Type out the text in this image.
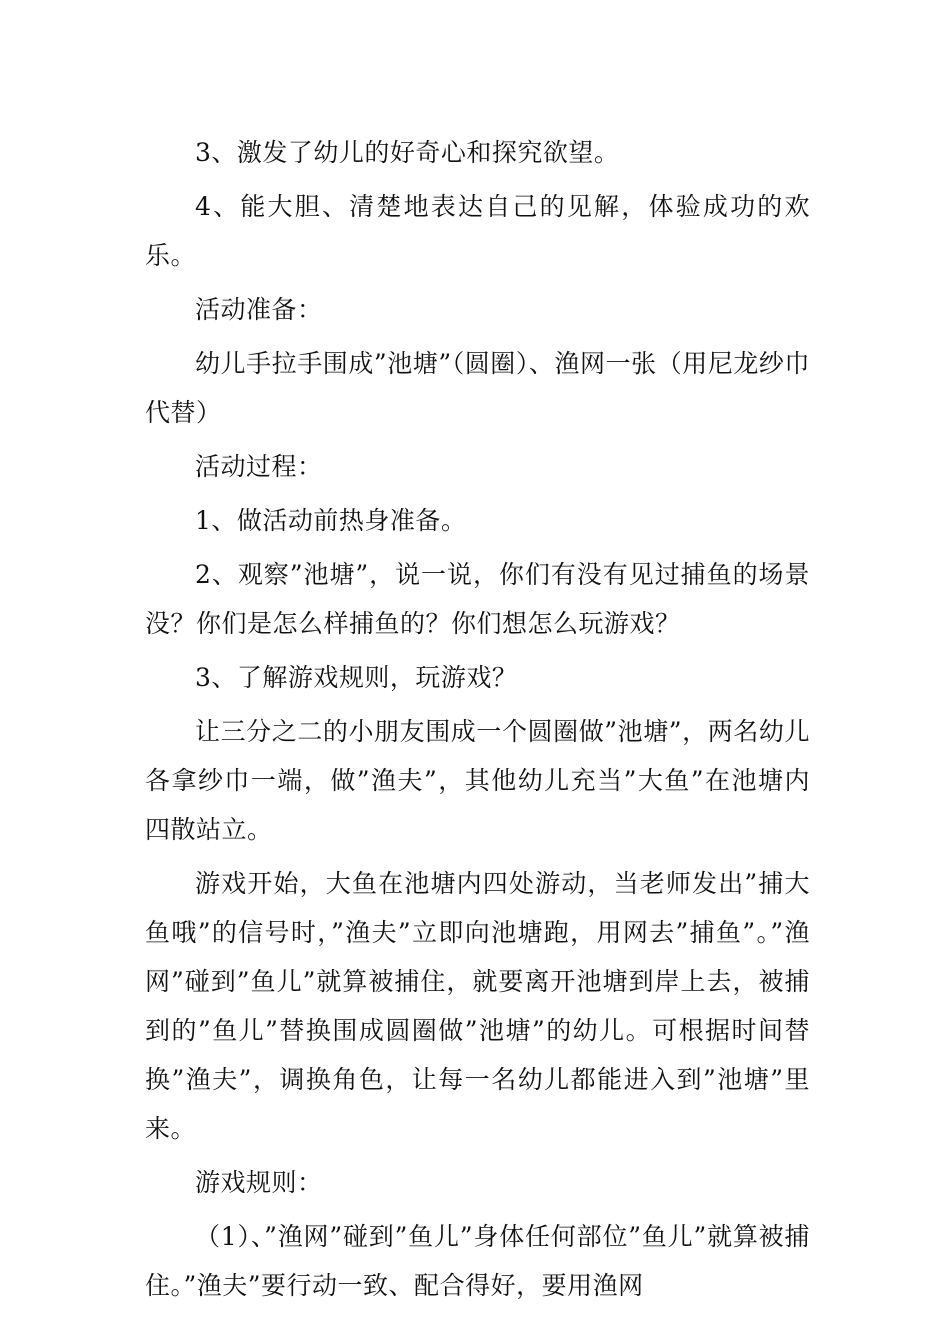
3、激发了幼儿的好奇心和探究欲望。

4、能大胆、清楚地表达自己的见解，体验成功的欢乐。

活动准备：

幼儿手拉手围成”池塘”（圆圈）、渔网一张（用尼龙纱巾代替）

活动过程：

1、做活动前热身准备。

2、观察”池塘”，说一说，你们有没有见过捕鱼的场景没？你们是怎么样捕鱼的？你们想怎么玩游戏？

3、了解游戏规则，玩游戏？

让三分之二的小朋友围成一个圆圈做”池塘”，两名幼儿各拿纱巾一端，做”渔夫”，其他幼儿充当”大鱼”在池塘内四散站立。

游戏开始，大鱼在池塘内四处游动，当老师发出”捕大鱼哦”的信号时，”渔夫”立即向池塘跑，用网去”捕鱼”。”渔网”碰到”鱼儿”就算被捕住，就要离开池塘到岸上去，被捕到的”鱼儿”替换围成圆圈做”池塘”的幼儿。可根据时间替换”渔夫”，调换角色，让每一名幼儿都能进入到”池塘”里来。

游戏规则：

（1）、”渔网”碰到”鱼儿”身体任何部位”鱼儿”就算被捕住。”渔夫”要行动一致、配合得好，要用渔网
